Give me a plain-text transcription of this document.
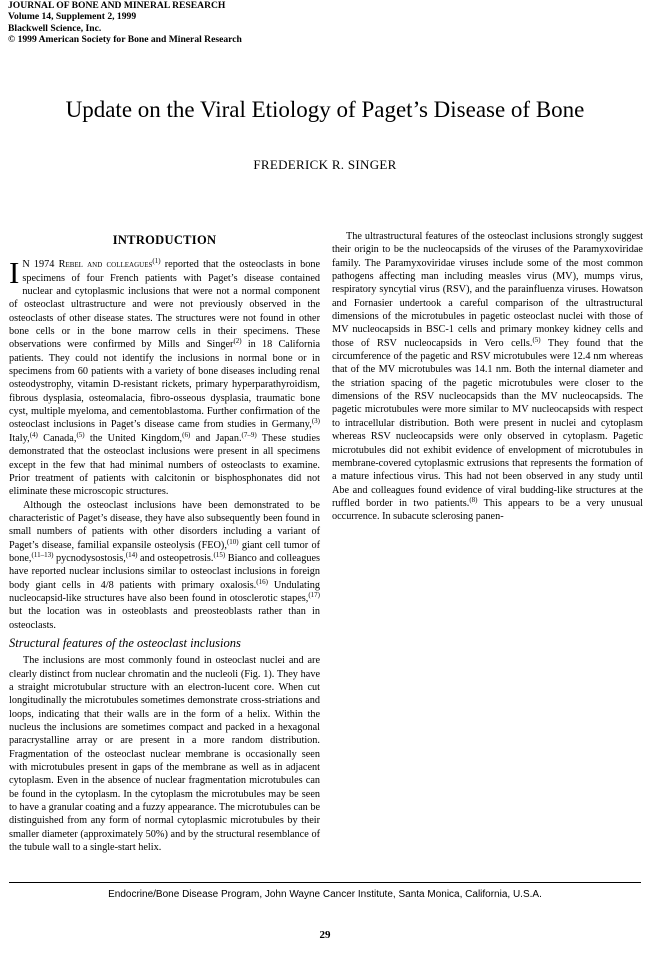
JOURNAL OF BONE AND MINERAL RESEARCH
Volume 14, Supplement 2, 1999
Blackwell Science, Inc.
© 1999 American Society for Bone and Mineral Research
Update on the Viral Etiology of Paget’s Disease of Bone
FREDERICK R. SINGER
INTRODUCTION

I N 1974 Rebel and colleagues$^{(1)}$ reported that the osteoclasts in bone specimens of four French patients with Paget’s disease contained nuclear and cytoplasmic inclusions that were not a normal component of osteoclast ultrastructure and were not previously observed in the osteoclasts of other disease states. The structures were not found in other bone cells or in the bone marrow cells in their specimens. These observations were confirmed by Mills and Singer$^{(2)}$ in 18 California patients. They could not identify the inclusions in normal bone or in specimens from 60 patients with a variety of bone diseases including renal osteodystrophy, vitamin D-resistant rickets, primary hyperparathyroidism, fibrous dysplasia, osteomalacia, fibro-osseous dysplasia, traumatic bone cyst, multiple myeloma, and cementoblastoma. Further confirmation of the osteoclast inclusions in Paget’s disease came from studies in Germany,$^{(3)}$ Italy,$^{(4)}$ Canada,$^{(5)}$ the United Kingdom,$^{(6)}$ and Japan.$^{(7-9)}$ These studies demonstrated that the osteoclast inclusions were present in all specimens except in the few that had minimal numbers of osteoclasts to examine. Prior treatment of patients with calcitonin or bisphosphonates did not eliminate these microscopic structures.

Although the osteoclast inclusions have been demonstrated to be characteristic of Paget’s disease, they have also subsequently been found in small numbers of patients with other disorders including a variant of Paget’s disease, familial expansile osteolysis (FEO),$^{(10)}$ giant cell tumor of bone,$^{(11-13)}$ pycnodysostosis,$^{(14)}$ and osteopetrosis.$^{(15)}$ Bianco and colleagues have reported nuclear inclusions similar to osteoclast inclusions in foreign body giant cells in 4/8 patients with primary oxalosis.$^{(16)}$ Undulating nucleocapsid-like structures have also been found in otosclerotic stapes,$^{(17)}$ but the location was in osteoblasts and preosteoblasts rather than in osteoclasts.

Structural features of the osteoclast inclusions

The inclusions are most commonly found in osteoclast nuclei and are clearly distinct from nuclear chromatin and the nucleoli (Fig. 1). They have a straight microtubular structure with an electron-lucent core. When cut longitudinally the microtubules sometimes demonstrate cross-striations and loops, indicating that their walls are in the form of a helix. Within the nucleus the inclusions are sometimes compact and packed in a hexagonal paracrystalline array or are present in a more random distribution. Fragmentation of the osteoclast nuclear membrane is occasionally seen with microtubules present in gaps of the membrane as well as in adjacent cytoplasm. Even in the absence of nuclear fragmentation microtubules can be found in the cytoplasm. In the cytoplasm the microtubules may be seen to have a granular coating and a fuzzy appearance. The microtubules can be distinguished from any form of normal cytoplasmic microtubules by their smaller diameter (approximately 50%) and by the structural resemblance of the tubule wall to a single-start helix.

The ultrastructural features of the osteoclast inclusions strongly suggest their origin to be the nucleocapsids of the viruses of the Paramyxoviridae family. The Paramyxoviridae viruses include some of the most common pathogens affecting man including measles virus (MV), mumps virus, respiratory syncytial virus (RSV), and the parainfluenza viruses. Howatson and Fornasier undertook a careful comparison of the ultrastructural dimensions of the microtubules in pagetic osteoclast nuclei with those of MV nucleocapsids in BSC-1 cells and primary monkey kidney cells and those of RSV nucleocapsids in Vero cells.$^{(5)}$ They found that the circumference of the pagetic and RSV microtubules were 12.4 nm whereas that of the MV microtubules was 14.1 nm. Both the internal diameter and the striation spacing of the pagetic microtubules were closer to the dimensions of the RSV nucleocapsids than the MV nucleocapsids. The pagetic microtubules were more similar to MV nucleocapsids with respect to intracellular distribution. Both were present in nuclei and cytoplasm whereas RSV nucleocapsids were only observed in cytoplasm. Pagetic microtubules did not exhibit evidence of envelopment of microtubules in membrane-covered cytoplasmic extrusions that represents the formation of a mature infectious virus. This had not been observed in any study until Abe and colleagues found evidence of viral budding-like structures at the ruffled border in two patients.$^{(8)}$ This appears to be a very unusual occurrence. In subacute sclerosing panen-

Endocrine/Bone Disease Program, John Wayne Cancer Institute, Santa Monica, California, U.S.A.
29
